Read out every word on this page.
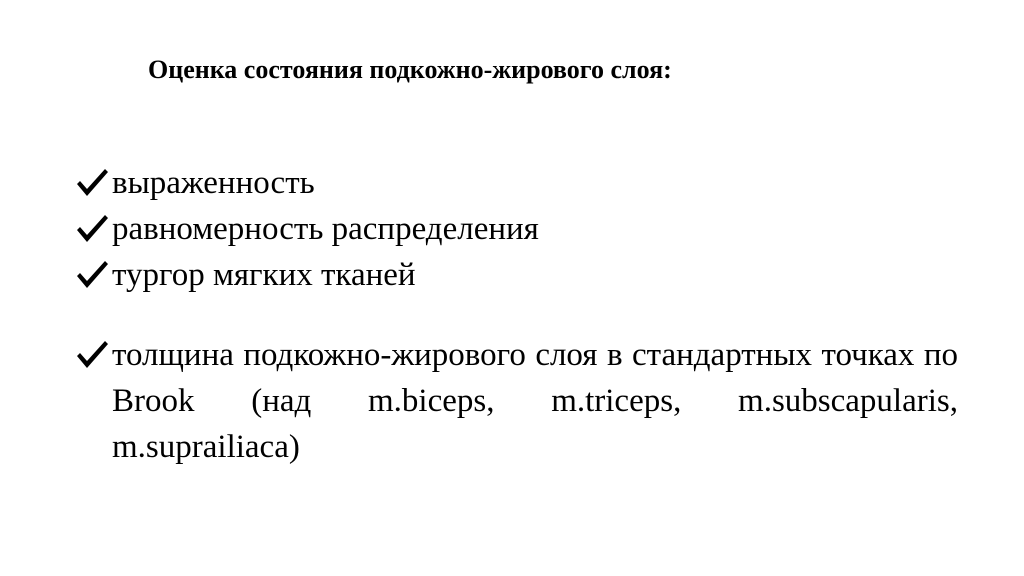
Оценка состояния подкожно-жирового слоя:
выраженность
равномерность распределения
тургор мягких тканей
толщина подкожно-жирового слоя в стандартных точках по Brook (над m.biceps, m.triceps, m.subscapularis, m.suprailiaca)
